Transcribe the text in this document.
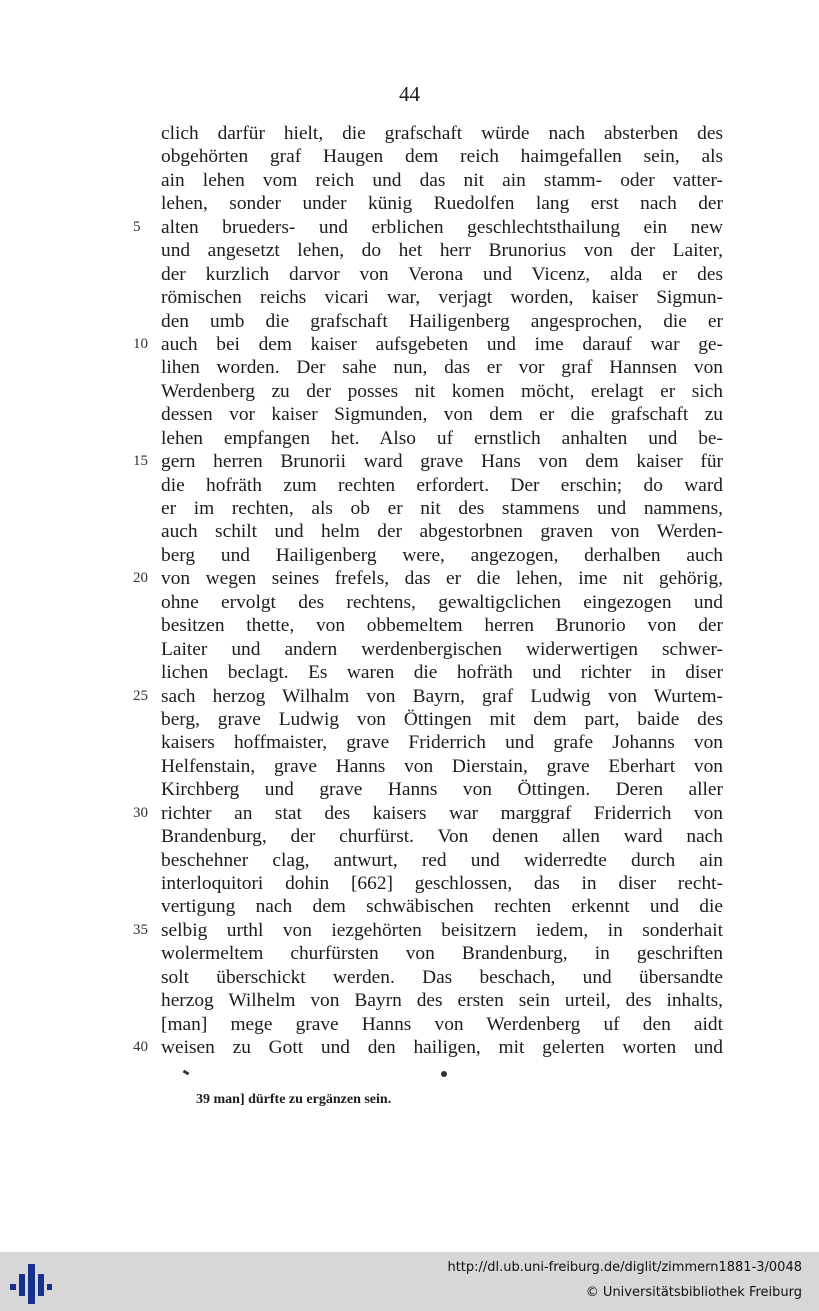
44
clich darfür hielt, die grafschaft würde nach absterben des
obgehörten graf Haugen dem reich haimgefallen sein, als
ain lehen vom reich und das nit ain stamm- oder vatter-
lehen, sonder under künig Ruedolfen lang erst nach der
5	alten brueders- und erblichen geschlechtsthailung ein new
und angesetzt lehen, do het herr Brunorius von der Laiter,
der kurzlich darvor von Verona und Vicenz, alda er des
römischen reichs vicari war, verjagt worden, kaiser Sigmun-
den umb die grafschaft Hailigenberg angesprochen, die er
10 auch bei dem kaiser aufsgebeten und ime darauf war ge-
lihen worden. Der sahe nun, das er vor graf Hannsen von
Werdenberg zu der posses nit komen möcht, erelagt er sich
dessen vor kaiser Sigmunden, von dem er die grafschaft zu
lehen empfangen het. Also uf ernstlich anhalten und be-
15 gern herren Brunorii ward grave Hans von dem kaiser für
die hofräth zum rechten erfordert. Der erschin; do ward
er im rechten, als ob er nit des stammens und nammens,
auch schilt und helm der abgestorbnen graven von Werden-
berg und Hailigenberg were, angezogen, derhalben auch
20 von wegen seines frefels, das er die lehen, ime nit gehörig,
ohne ervolgt des rechtens, gewaltigclichen eingezogen und
besitzen thette, von obbemeltem herren Brunorio von der
Laiter und andern werdenbergischen widerwertigen schwer-
lichen beclagt. Es waren die hofräth und richter in diser
25 sach herzog Wilhalm von Bayrn, graf Ludwig von Wurtem-
berg, grave Ludwig von Öttingen mit dem part, baide des
kaisers hoffmaister, grave Friderrich und grafe Johanns von
Helfenstain, grave Hanns von Dierstain, grave Eberhart von
Kirchberg und grave Hanns von Öttingen. Deren aller
30 richter an stat des kaisers war marggraf Friderrich von
Brandenburg, der churfürst. Von denen allen ward nach
beschehner clag, antwurt, red und widerredte durch ain
interloquitori dohin [662] geschlossen, das in diser recht-
vertigung nach dem schwäbischen rechten erkennt und die
35 selbig urthl von iezgehörten beisitzern iedem, in sonderhait
wolermeltem churfürsten von Brandenburg, in geschriften
solt überschickt werden. Das beschach, und übersandte
herzog Wilhelm von Bayrn des ersten sein urteil, des inhalts,
[man] mege grave Hanns von Werdenberg uf den aidt
40 weisen zu Gott und den hailigen, mit gelerten worten und
39 man] dürfte zu ergänzen sein.
http://dl.ub.uni-freiburg.de/diglit/zimmern1881-3/0048
© Universitätsbibliothek Freiburg
